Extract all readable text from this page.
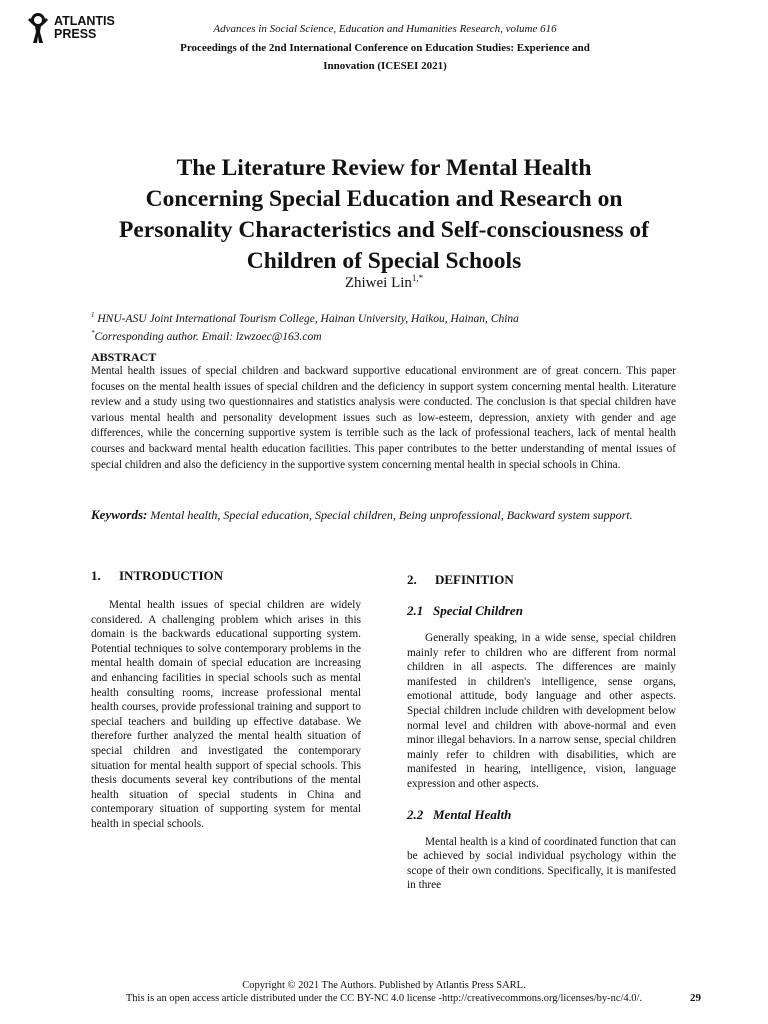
ATLANTIS
PRESS	Advances in Social Science, Education and Humanities Research, volume 616
Proceedings of the 2nd International Conference on Education Studies: Experience and
Innovation (ICESEI 2021)
The Literature Review for Mental Health
Concerning Special Education and Research on
Personality Characteristics and Self-consciousness of
Children of Special Schools
Zhiwei Lin$^{1,*}$
$^1$ HNU-ASU Joint International Tourism College, Hainan University, Haikou, Hainan, China
*Corresponding author. Email: lzwzoec@163.com
ABSTRACT

Mental health issues of special children and backward supportive educational environment are of great concern. This paper focuses on the mental health issues of special children and the deficiency in support system concerning mental health. Literature review and a study using two questionnaires and statistics analysis were conducted. The conclusion is that special children have various mental health and personality development issues such as low-esteem, depression, anxiety with gender and age differences, while the concerning supportive system is terrible such as the lack of professional teachers, lack of mental health courses and backward mental health education facilities. This paper contributes to the better understanding of mental issues of special children and also the deficiency in the supportive system concerning mental health in special schools in China.

Keywords: Mental health, Special education, Special children, Being unprofessional, Backward system support.
1. INTRODUCTION

Mental health issues of special children are widely considered. A challenging problem which arises in this domain is the backwards educational supporting system. Potential techniques to solve contemporary problems in the mental health domain of special education are increasing and enhancing facilities in special schools such as mental health consulting rooms, increase professional mental health courses, provide professional training and support to special teachers and building up effective database. We therefore further analyzed the mental health situation of special children and investigated the contemporary situation for mental health support of special schools. This thesis documents several key contributions of the mental health situation of special students in China and contemporary situation of supporting system for mental health in special schools.

2. DEFINITION
2.1 Special Children

Generally speaking, in a wide sense, special children mainly refer to children who are different from normal children in all aspects. The differences are mainly manifested in children's intelligence, sense organs, emotional attitude, body language and other aspects. Special children include children with development below normal level and children with above-normal and even minor illegal behaviors. In a narrow sense, special children mainly refer to children with disabilities, which are manifested in hearing, intelligence, vision, language expression and other aspects.

2.2 Mental Health

Mental health is a kind of coordinated function that can be achieved by social individual psychology within the scope of their own conditions. Specifically, it is manifested in three

Copyright © 2021 The Authors. Published by Atlantis Press SARL.
This is an open access article distributed under the CC BY-NC 4.0 license -http://creativecommons.org/licenses/by-nc/4.0/.	29
